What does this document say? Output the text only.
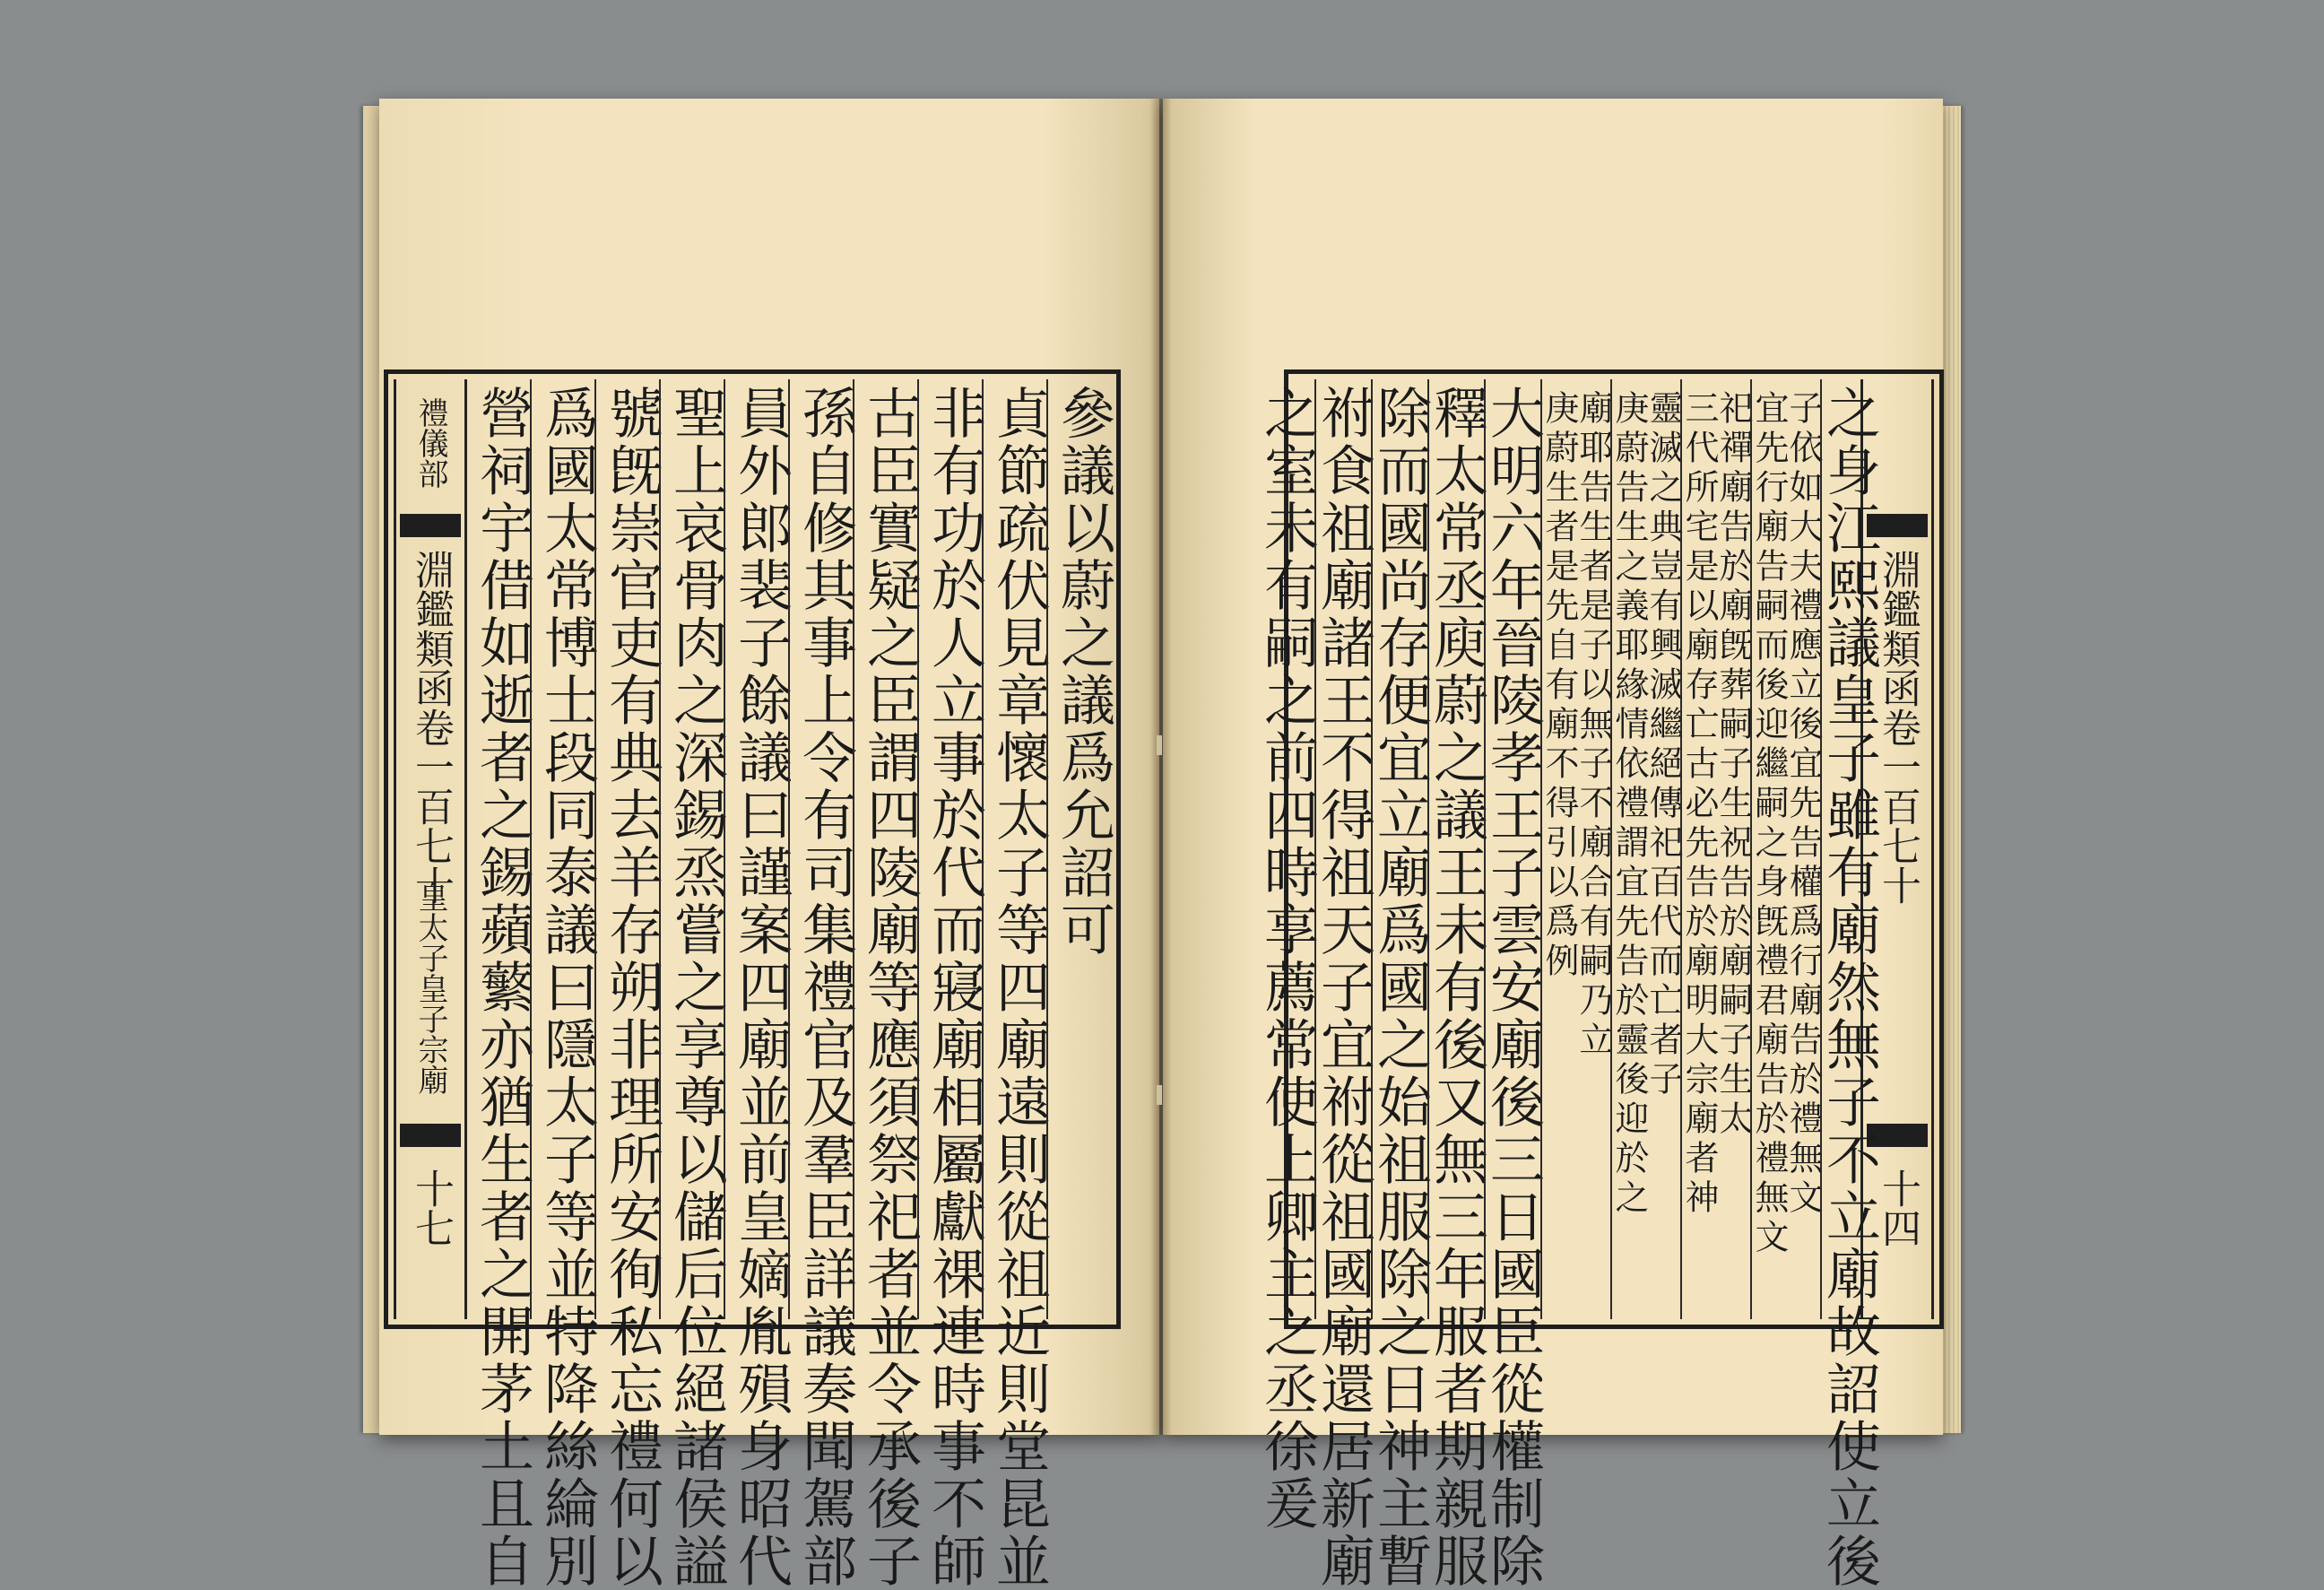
禮儀部
淵鑑類函卷一百七十
皇太子皇子宗廟
十七
參議以蔚之議爲允詔可
貞節疏伏見章懷太子等四廟遠則從祖近則堂昆並
非有功於人立事於代而寢廟相屬獻祼連時事不師
古臣實疑之臣謂四陵廟等應須祭祀者並令承後子
孫自修其事上令有司集禮官及羣臣詳議奏聞駕部
員外郎裴子餘議曰謹案四廟並前皇嫡胤殞身昭代
聖上哀骨肉之深錫烝嘗之享尊以儲后位絕諸侯謚
號旣崇官吏有典去羊存朔非理所安徇私忘禮何以
爲國太常博士段同泰議曰隱太子等並特降絲綸別
營祠宇借如逝者之錫蘋蘩亦猶生者之開茅土且自	淵鑑類函卷一百七十
十四
之身江熙議皇子雖有廟然無子不立廟故詔使立後
子依如大夫禮應立後宜先告權爲行廟告於禮無文
宜先行廟告嗣而後迎繼嗣之身旣禮君廟告於禮無文
祀禪廟告於廟旣葬嗣子生祝告於廟嗣子生太
三代所宅是以廟存亡古必先告於廟明大宗廟者神
靈滅之典豈有興滅繼絕傳祀百代而亡者子
庚蔚告生之義耶緣情依禮謂宜先告於靈後迎於之
廟耶告生者是子以無子不廟合有嗣乃立
庚蔚生者是先自有廟不得引以爲例
大明六年晉陵孝王子雲安廟後三日國臣從權制除
釋太常丞庾蔚之議王未有後又無三年服者期親服
除而國尚存便宜立廟爲國之始祖服除之日神主暫
祔食祖廟諸王不得祖天子宜祔從祖國廟還居新廟
之室未有嗣之前四時享薦常使上卿主之丞徐爰
